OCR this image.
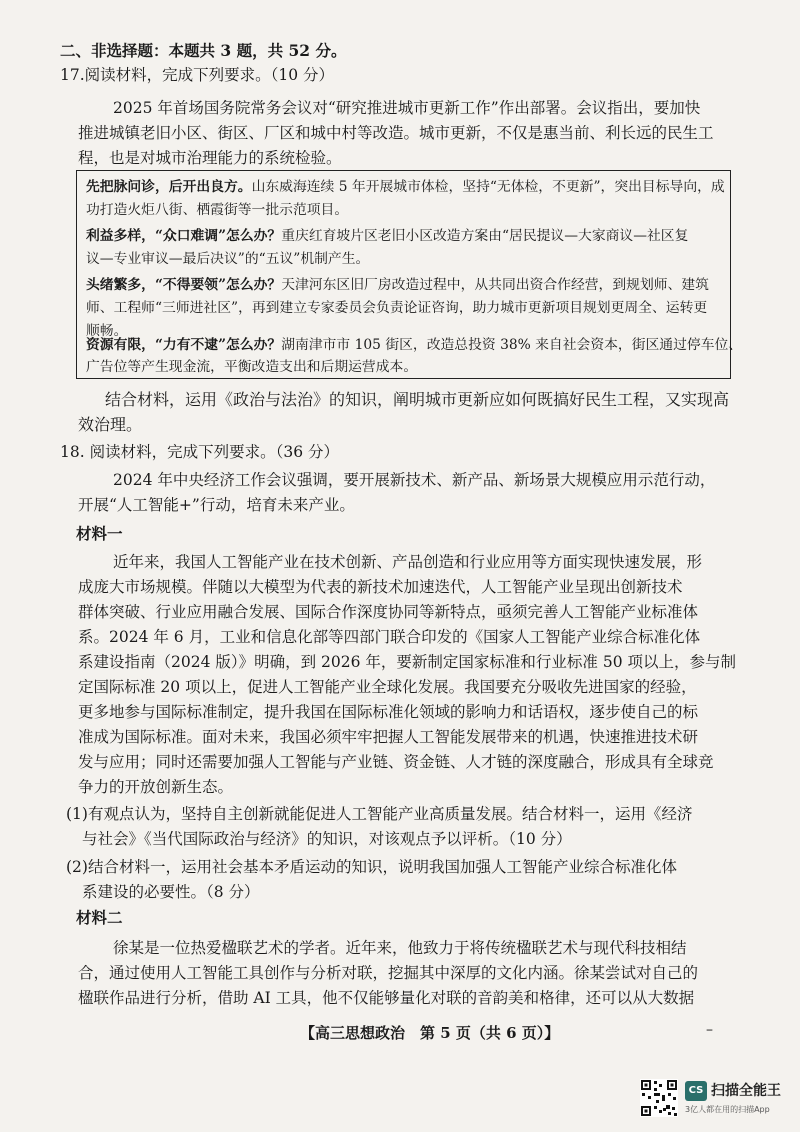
二、非选择题：本题共 3 题，共 52 分。
17.阅读材料，完成下列要求。（10 分）
2025 年首场国务院常务会议对“研究推进城市更新工作”作出部署。会议指出，要加快
推进城镇老旧小区、街区、厂区和城中村等改造。城市更新，不仅是惠当前、利长远的民生工
程，也是对城市治理能力的系统检验。
先把脉问诊，后开出良方。山东威海连续 5 年开展城市体检，坚持“无体检，不更新”，突出目标导向，成
功打造火炬八街、栖霞街等一批示范项目。
利益多样，“众口难调”怎么办？重庆红育坡片区老旧小区改造方案由“居民提议—大家商议—社区复
议—专业审议—最后决议”的“五议”机制产生。
头绪繁多，“不得要领”怎么办？天津河东区旧厂房改造过程中，从共同出资合作经营，到规划师、建筑
师、工程师“三师进社区”，再到建立专家委员会负责论证咨询，助力城市更新项目规划更周全、运转更
顺畅。
资源有限，“力有不逮”怎么办？湖南津市市 105 街区，改造总投资 38% 来自社会资本，街区通过停车位、
广告位等产生现金流，平衡改造支出和后期运营成本。
结合材料，运用《政治与法治》的知识，阐明城市更新应如何既搞好民生工程，又实现高
效治理。
18. 阅读材料，完成下列要求。（36 分）
2024 年中央经济工作会议强调，要开展新技术、新产品、新场景大规模应用示范行动，
开展“人工智能+”行动，培育未来产业。
材料一
近年来，我国人工智能产业在技术创新、产品创造和行业应用等方面实现快速发展，形
成庞大市场规模。伴随以大模型为代表的新技术加速迭代，人工智能产业呈现出创新技术
群体突破、行业应用融合发展、国际合作深度协同等新特点，亟须完善人工智能产业标准体
系。2024 年 6 月，工业和信息化部等四部门联合印发的《国家人工智能产业综合标准化体
系建设指南（2024 版）》明确，到 2026 年，要新制定国家标准和行业标准 50 项以上，参与制
定国际标准 20 项以上，促进人工智能产业全球化发展。我国要充分吸收先进国家的经验，
更多地参与国际标准制定，提升我国在国际标准化领域的影响力和话语权，逐步使自己的标
准成为国际标准。面对未来，我国必须牢牢把握人工智能发展带来的机遇，快速推进技术研
发与应用；同时还需要加强人工智能与产业链、资金链、人才链的深度融合，形成具有全球竞
争力的开放创新生态。
(1)有观点认为，坚持自主创新就能促进人工智能产业高质量发展。结合材料一，运用《经济
与社会》《当代国际政治与经济》的知识，对该观点予以评析。（10 分）
(2)结合材料一，运用社会基本矛盾运动的知识，说明我国加强人工智能产业综合标准化体
系建设的必要性。（8 分）
材料二
徐某是一位热爱楹联艺术的学者。近年来，他致力于将传统楹联艺术与现代科技相结
合，通过使用人工智能工具创作与分析对联，挖掘其中深厚的文化内涵。徐某尝试对自己的
楹联作品进行分析，借助 AI 工具，他不仅能够量化对联的音韵美和格律，还可以从大数据
【高三思想政治　第 5 页（共 6 页）】	–
CS 扫描全能王
3亿人都在用的扫描App
